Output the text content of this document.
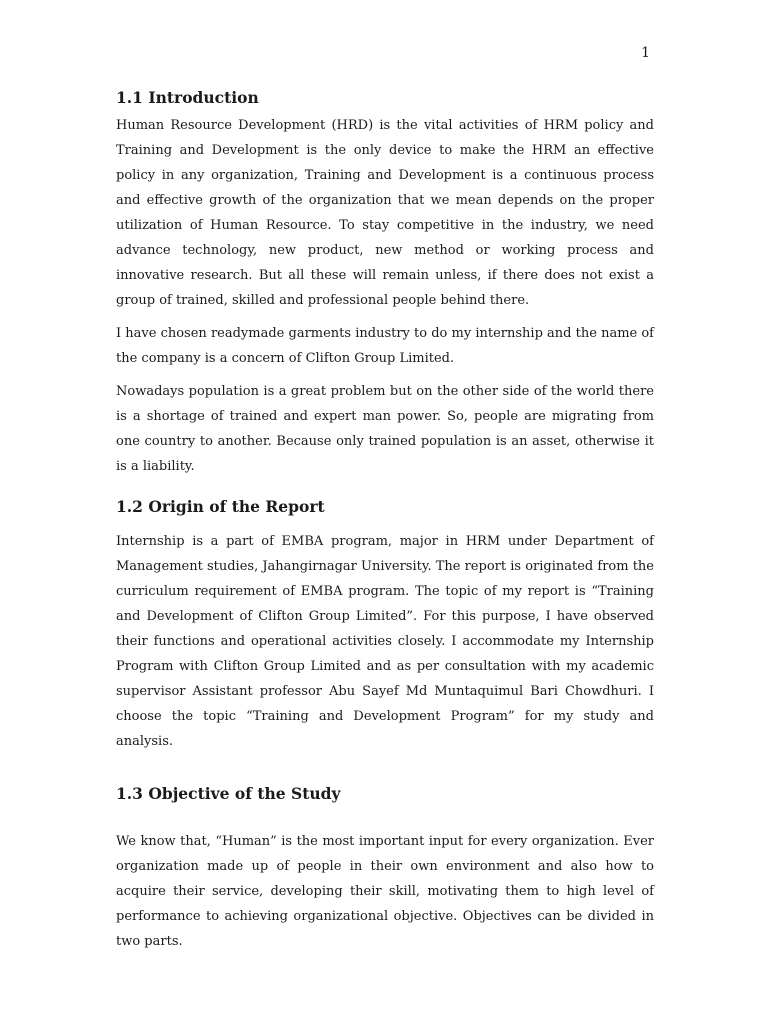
1
1.1 Introduction

Human Resource Development (HRD) is the vital activities of HRM policy and Training and Development is the only device to make the HRM an effective policy in any organization, Training and Development is a continuous process and effective growth of the organization that we mean depends on the proper utilization of Human Resource. To stay competitive in the industry, we need advance technology, new product, new method or working process and innovative research. But all these will remain unless, if there does not exist a group of trained, skilled and professional people behind there.

I have chosen readymade garments industry to do my internship and the name of the company is a concern of Clifton Group Limited.

Nowadays population is a great problem but on the other side of the world there is a shortage of trained and expert man power. So, people are migrating from one country to another. Because only trained population is an asset, otherwise it is a liability.

1.2 Origin of the Report

Internship is a part of EMBA program, major in HRM under Department of Management studies, Jahangirnagar University. The report is originated from the curriculum requirement of EMBA program. The topic of my report is “Training and Development of Clifton Group Limited”. For this purpose, I have observed their functions and operational activities closely. I accommodate my Internship Program with Clifton Group Limited and as per consultation with my academic supervisor Assistant professor Abu Sayef Md Muntaquimul Bari Chowdhuri. I choose the topic “Training and Development Program” for my study and analysis.

1.3 Objective of the Study

We know that, “Human” is the most important input for every organization. Ever organization made up of people in their own environment and also how to acquire their service, developing their skill, motivating them to high level of performance to achieving organizational objective. Objectives can be divided in two parts.
